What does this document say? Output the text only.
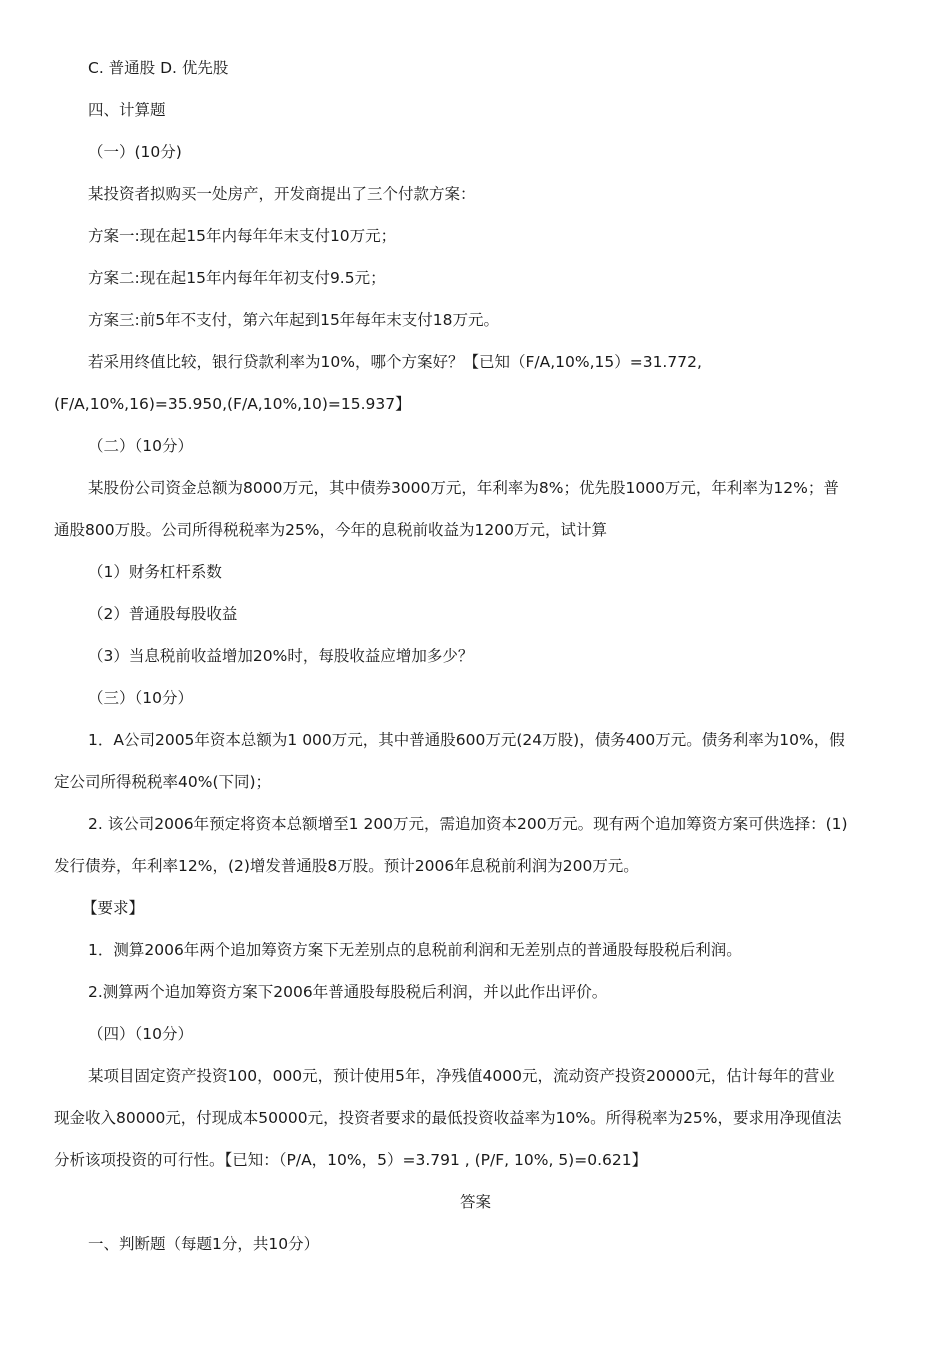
C. 普通股 D. 优先股
四、计算题
（一）(10分)
某投资者拟购买一处房产，开发商提出了三个付款方案：
方案一:现在起15年内每年年末支付10万元；
方案二:现在起15年内每年年初支付9.5元；
方案三:前5年不支付，第六年起到15年每年末支付18万元。
若采用终值比较，银行贷款利率为10%，哪个方案好？【已知（F/A,10%,15）=31.772,
(F/A,10%,16)=35.950,(F/A,10%,10)=15.937】
（二）（10分）
某股份公司资金总额为8000万元，其中债券3000万元，年利率为8%；优先股1000万元，年利率为12%；普
通股800万股。公司所得税税率为25%，今年的息税前收益为1200万元，试计算
（1）财务杠杆系数
（2）普通股每股收益
（3）当息税前收益增加20%时，每股收益应增加多少？
（三）（10分）
1．A公司2005年资本总额为1 000万元，其中普通股600万元(24万股)，债务400万元。债务利率为10%，假
定公司所得税税率40%(下同)；
2. 该公司2006年预定将资本总额增至1 200万元，需追加资本200万元。现有两个追加筹资方案可供选择：(1)
发行债券，年利率12%，(2)增发普通股8万股。预计2006年息税前利润为200万元。
【要求】
1．测算2006年两个追加筹资方案下无差别点的息税前利润和无差别点的普通股每股税后利润。
2.测算两个追加筹资方案下2006年普通股每股税后利润，并以此作出评价。
（四）（10分）
某项目固定资产投资100，000元，预计使用5年，净残值4000元，流动资产投资20000元，估计每年的营业
现金收入80000元，付现成本50000元，投资者要求的最低投资收益率为10%。所得税率为25%，要求用净现值法
分析该项投资的可行性。【已知：（P/A，10%，5）=3.791 , (P/F, 10%, 5)=0.621】
答案
一、判断题（每题1分，共10分）
